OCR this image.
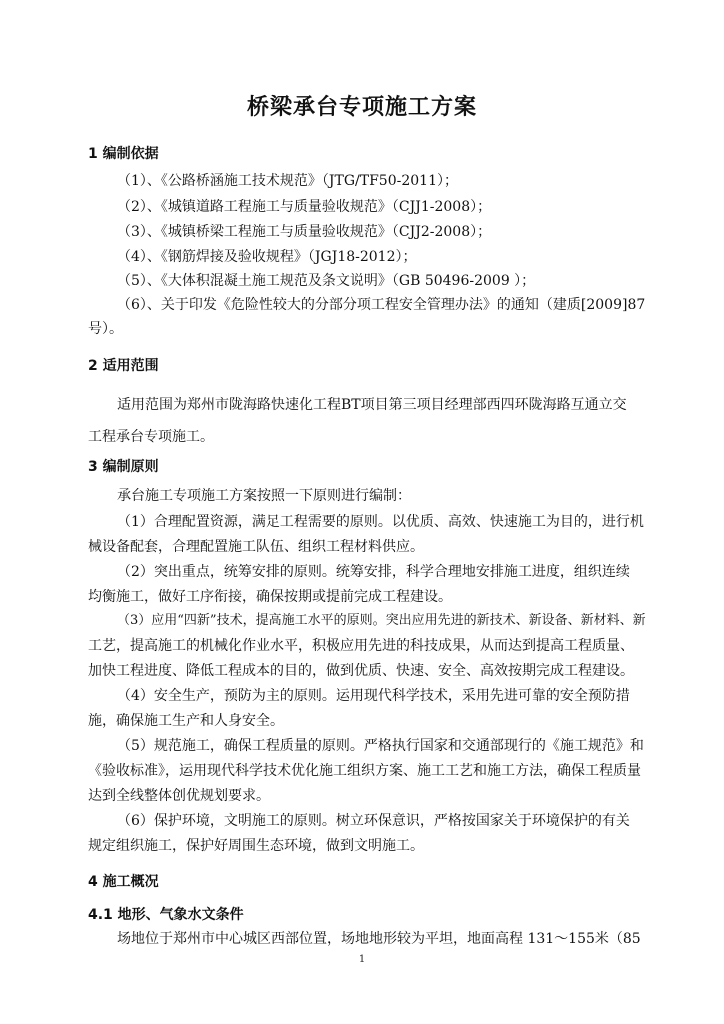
桥梁承台专项施工方案
1 编制依据
（1）、《公路桥涵施工技术规范》（JTG/TF50-2011）；
（2）、《城镇道路工程施工与质量验收规范》（CJJ1-2008）；
（3）、《城镇桥梁工程施工与质量验收规范》（CJJ2-2008）；
（4）、《钢筋焊接及验收规程》（JGJ18-2012）；
（5）、《大体积混凝土施工规范及条文说明》（GB 50496-2009 ）；
（6）、关于印发《危险性较大的分部分项工程安全管理办法》的通知（建质[2009]87
号）。
2 适用范围
适用范围为郑州市陇海路快速化工程BT项目第三项目经理部西四环陇海路互通立交
工程承台专项施工。
3 编制原则
承台施工专项施工方案按照一下原则进行编制：
（1）合理配置资源，满足工程需要的原则。以优质、高效、快速施工为目的，进行机
械设备配套，合理配置施工队伍、组织工程材料供应。
（2）突出重点，统筹安排的原则。统筹安排，科学合理地安排施工进度，组织连续
均衡施工，做好工序衔接，确保按期或提前完成工程建设。
（3）应用“四新”技术，提高施工水平的原则。突出应用先进的新技术、新设备、新材料、新
工艺，提高施工的机械化作业水平，积极应用先进的科技成果，从而达到提高工程质量、
加快工程进度、降低工程成本的目的，做到优质、快速、安全、高效按期完成工程建设。
（4）安全生产，预防为主的原则。运用现代科学技术，采用先进可靠的安全预防措
施，确保施工生产和人身安全。
（5）规范施工，确保工程质量的原则。严格执行国家和交通部现行的《施工规范》和
《验收标准》，运用现代科学技术优化施工组织方案、施工工艺和施工方法，确保工程质量
达到全线整体创优规划要求。
（6）保护环境，文明施工的原则。树立环保意识，严格按国家关于环境保护的有关
规定组织施工，保护好周围生态环境，做到文明施工。
4 施工概况
4.1 地形、气象水文条件
场地位于郑州市中心城区西部位置，场地地形较为平坦，地面高程 131～155米（85
1
